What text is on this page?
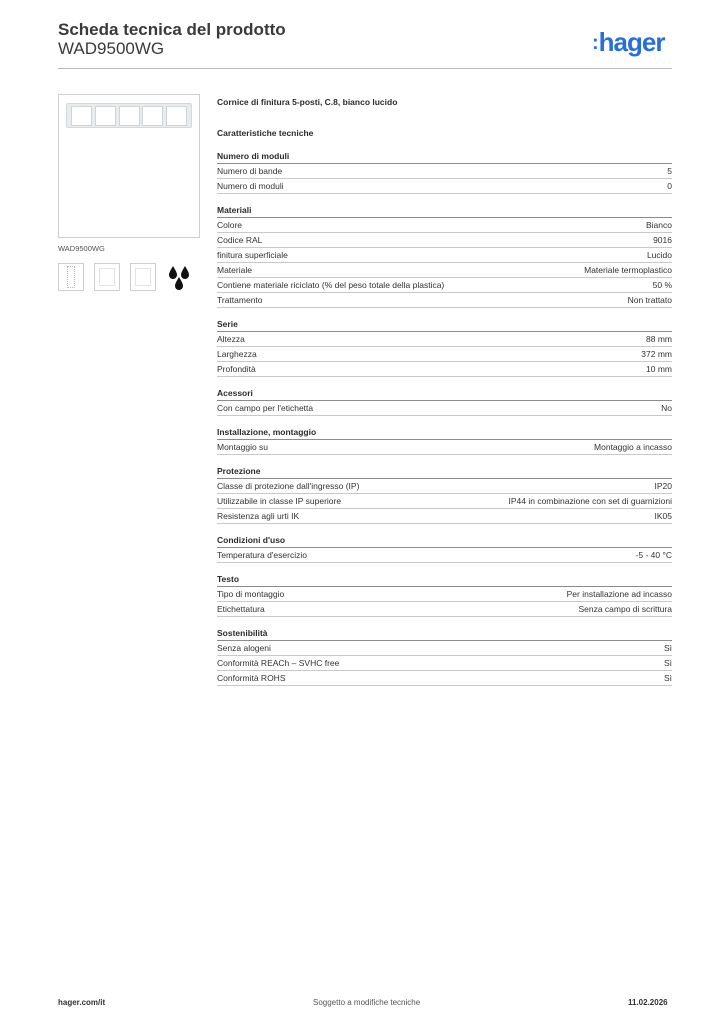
Scheda tecnica del prodotto
WAD9500WG	:hager
WAD9500WG
Cornice di finitura 5-posti, C.8, bianco lucido
Caratteristiche tecniche
Numero di moduli
Numero di bande	5
Numero di moduli	0
Materiali
Colore	Bianco
Codice RAL	9016
finitura superficiale	Lucido
Materiale	Materiale termoplastico
Contiene materiale riciclato (% del peso totale della plastica)	50 %
Trattamento	Non trattato
Serie
Altezza	88 mm
Larghezza	372 mm
Profondità	10 mm
Acessori
Con campo per l'etichetta	No
Installazione, montaggio
Montaggio su	Montaggio a incasso
Protezione
Classe di protezione dall'ingresso (IP)	IP20
Utilizzabile in classe IP superiore	IP44 in combinazione con set di guarnizioni
Resistenza agli urti IK	IK05
Condizioni d'uso
Temperatura d'esercizio	-5 - 40 °C
Testo
Tipo di montaggio	Per installazione ad incasso
Etichettatura	Senza campo di scrittura
Sostenibilità
Senza alogeni	Sì
Conformità REACh – SVHC free	Sì
Conformità ROHS	Sì
hager.com/it	Soggetto a modifiche tecniche	11.02.2026
